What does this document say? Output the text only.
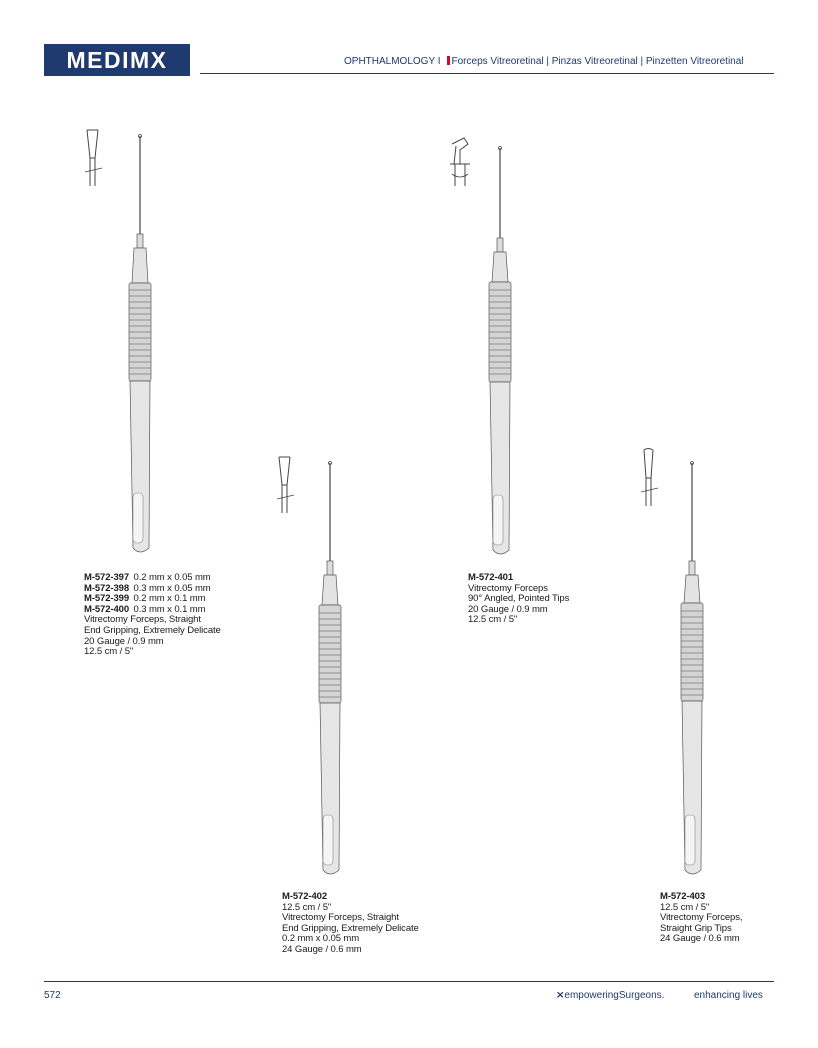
MEDIMX	OPHTHALMOLOGY I Forceps Vitreoretinal | Pinzas Vitreoretinal | Pinzetten Vitreoretinal
M-572-397 0.2 mm x 0.05 mm
M-572-398 0.3 mm x 0.05 mm
M-572-399 0.2 mm x 0.1 mm
M-572-400 0.3 mm x 0.1 mm
Vitrectomy Forceps, Straight
End Gripping, Extremely Delicate
20 Gauge / 0.9 mm
12.5 cm / 5"
M-572-401
Vitrectomy Forceps
90° Angled, Pointed Tips
20 Gauge / 0.9 mm
12.5 cm / 5"
M-572-402
12.5 cm / 5"
Vitrectomy Forceps, Straight
End Gripping, Extremely Delicate
0.2 mm x 0.05 mm
24 Gauge / 0.6 mm
M-572-403
12.5 cm / 5"
Vitrectomy Forceps,
Straight Grip Tips
24 Gauge / 0.6 mm
572	⨯empoweringSurgeons.	enhancing lives
